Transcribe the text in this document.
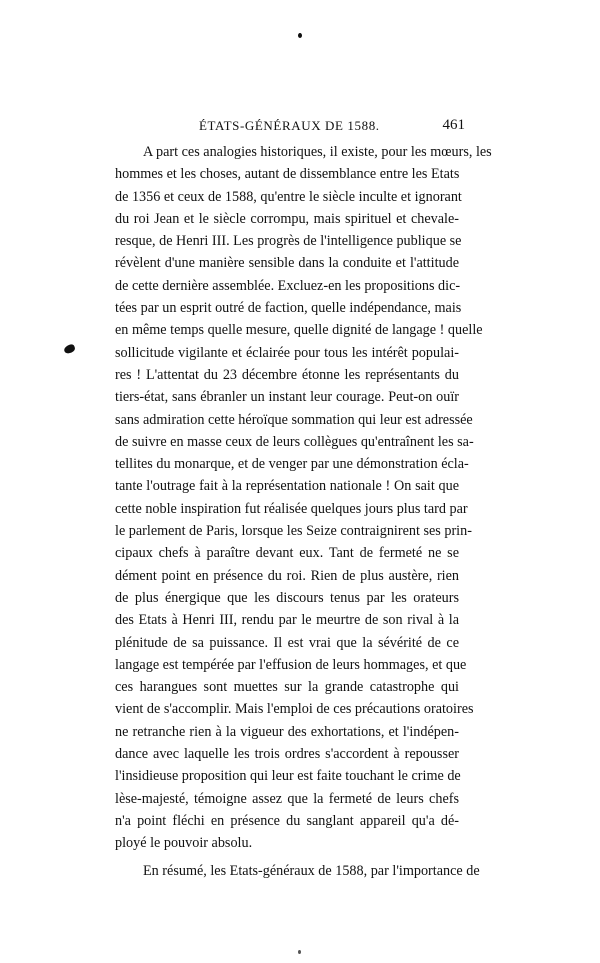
ÉTATS-GÉNÉRAUX DE 1588.	461
A part ces analogies historiques, il existe, pour les mœurs, les
hommes et les choses, autant de dissemblance entre les Etats
de 1356 et ceux de 1588, qu'entre le siècle inculte et ignorant
du roi Jean et le siècle corrompu, mais spirituel et chevale-
resque, de Henri III. Les progrès de l'intelligence publique se
révèlent d'une manière sensible dans la conduite et l'attitude
de cette dernière assemblée. Excluez-en les propositions dic-
tées par un esprit outré de faction, quelle indépendance, mais
en même temps quelle mesure, quelle dignité de langage ! quelle
sollicitude vigilante et éclairée pour tous les intérêt populai-
res ! L'attentat du 23 décembre étonne les représentants du
tiers-état, sans ébranler un instant leur courage. Peut-on ouïr
sans admiration cette héroïque sommation qui leur est adressée
de suivre en masse ceux de leurs collègues qu'entraînent les sa-
tellites du monarque, et de venger par une démonstration écla-
tante l'outrage fait à la représentation nationale ! On sait que
cette noble inspiration fut réalisée quelques jours plus tard par
le parlement de Paris, lorsque les Seize contraignirent ses prin-
cipaux chefs à paraître devant eux. Tant de fermeté ne se
dément point en présence du roi. Rien de plus austère, rien
de plus énergique que les discours tenus par les orateurs
des Etats à Henri III, rendu par le meurtre de son rival à la
plénitude de sa puissance. Il est vrai que la sévérité de ce
langage est tempérée par l'effusion de leurs hommages, et que
ces harangues sont muettes sur la grande catastrophe qui
vient de s'accomplir. Mais l'emploi de ces précautions oratoires
ne retranche rien à la vigueur des exhortations, et l'indépen-
dance avec laquelle les trois ordres s'accordent à repousser
l'insidieuse proposition qui leur est faite touchant le crime de
lèse-majesté, témoigne assez que la fermeté de leurs chefs
n'a point fléchi en présence du sanglant appareil qu'a dé-
ployé le pouvoir absolu.
En résumé, les Etats-généraux de 1588, par l'importance de
